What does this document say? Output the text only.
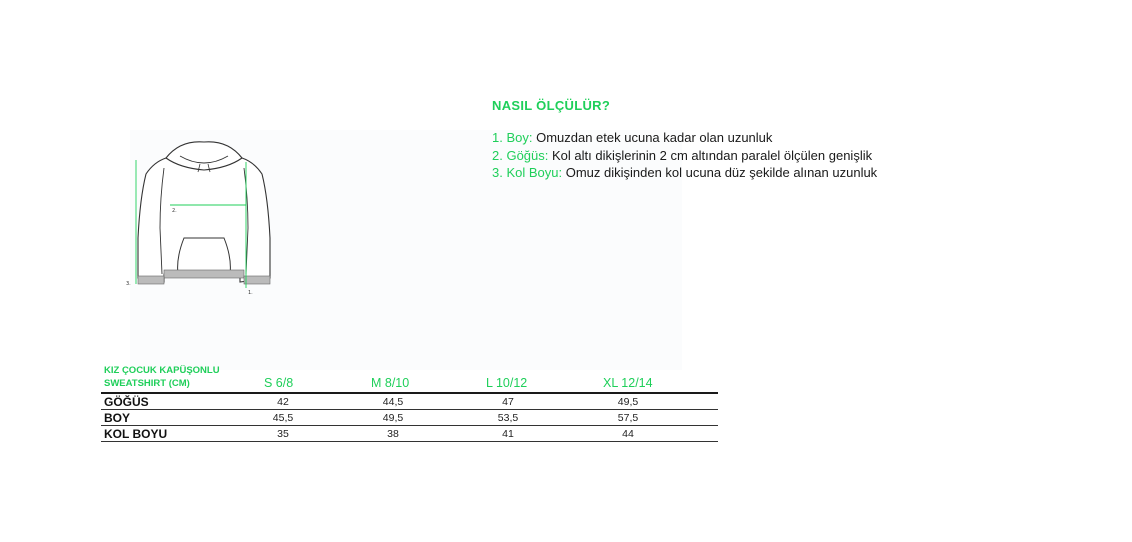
1.
2.
3.
NASIL ÖLÇÜLÜR?
1. Boy: Omuzdan etek ucuna kadar olan uzunluk
2. Göğüs: Kol altı dikişlerinin 2 cm altından paralel ölçülen genişlik
3. Kol Boyu: Omuz dikişinden kol ucuna düz şekilde alınan uzunluk
KIZ ÇOCUK KAPÜŞONLU
SWEATSHIRT (CM)	S 6/8	M 8/10	L 10/12	XL 12/14
GÖĞÜS	42	44,5	47	49,5
BOY	45,5	49,5	53,5	57,5
KOL BOYU	35	38	41	44
